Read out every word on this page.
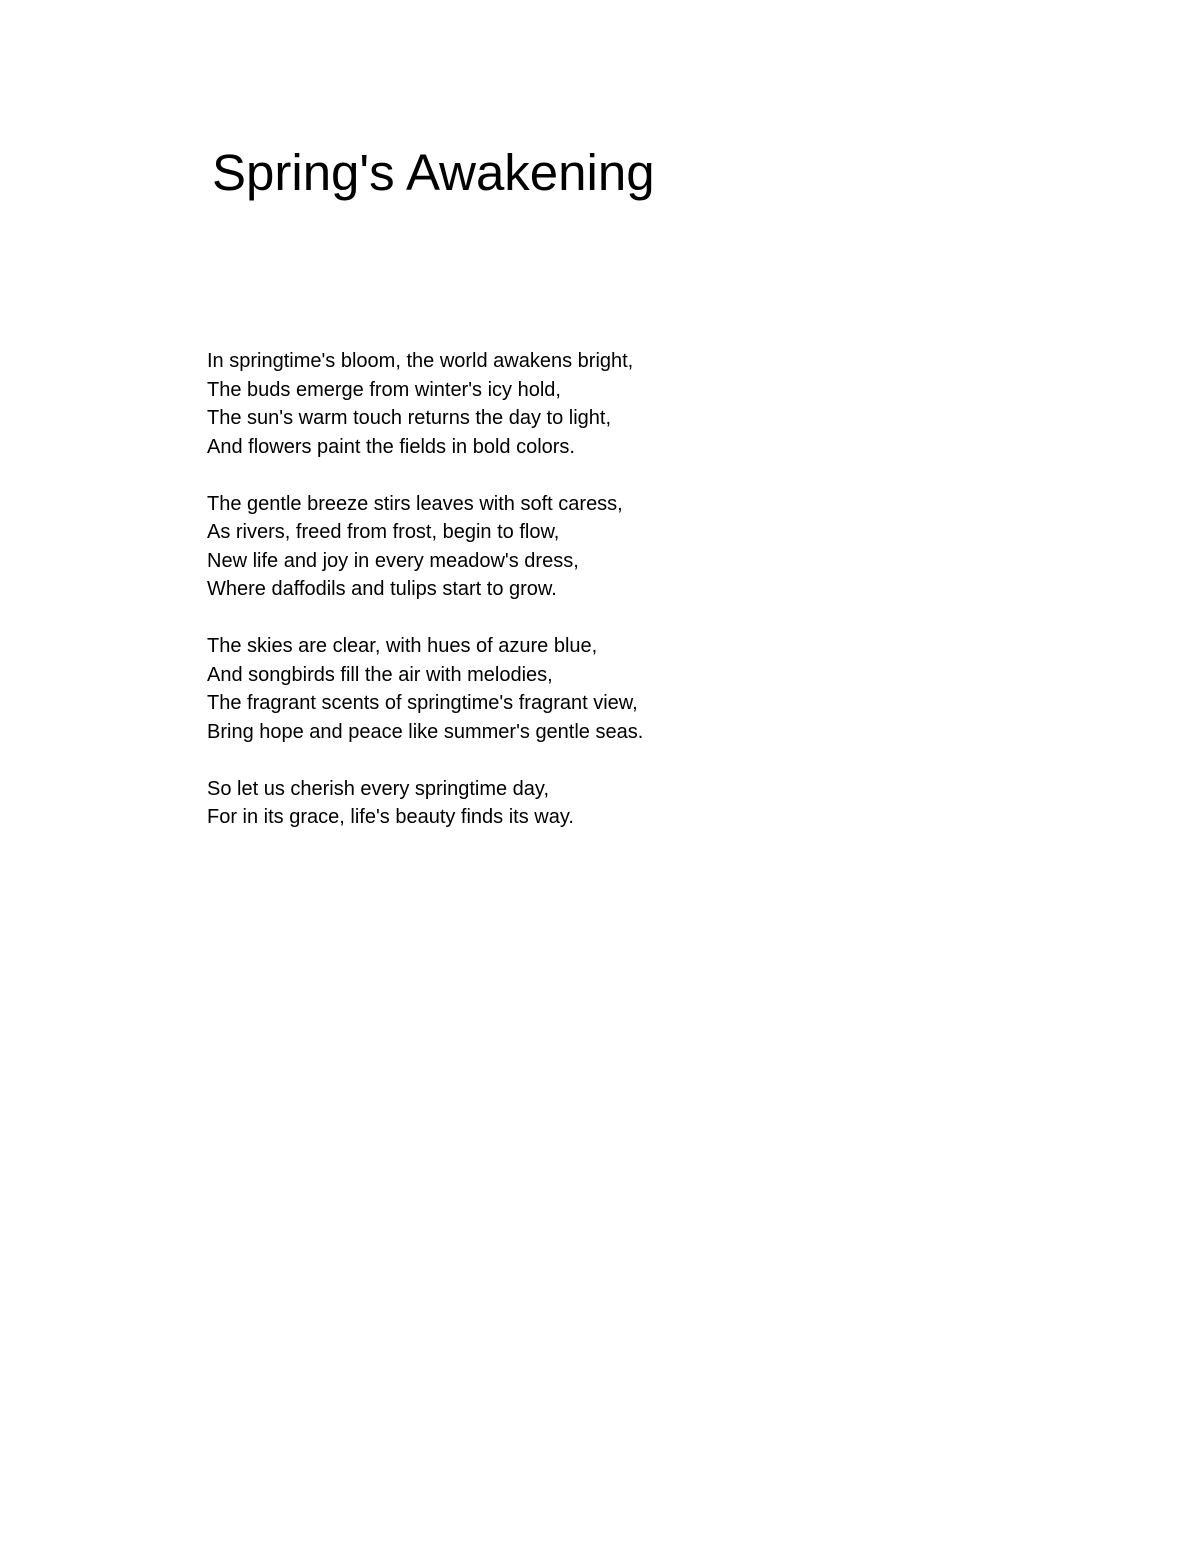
Spring's Awakening

In springtime's bloom, the world awakens bright,
The buds emerge from winter's icy hold,
The sun's warm touch returns the day to light,
And flowers paint the fields in bold colors.

The gentle breeze stirs leaves with soft caress,
As rivers, freed from frost, begin to flow,
New life and joy in every meadow's dress,
Where daffodils and tulips start to grow.

The skies are clear, with hues of azure blue,
And songbirds fill the air with melodies,
The fragrant scents of springtime's fragrant view,
Bring hope and peace like summer's gentle seas.

So let us cherish every springtime day,
For in its grace, life's beauty finds its way.
